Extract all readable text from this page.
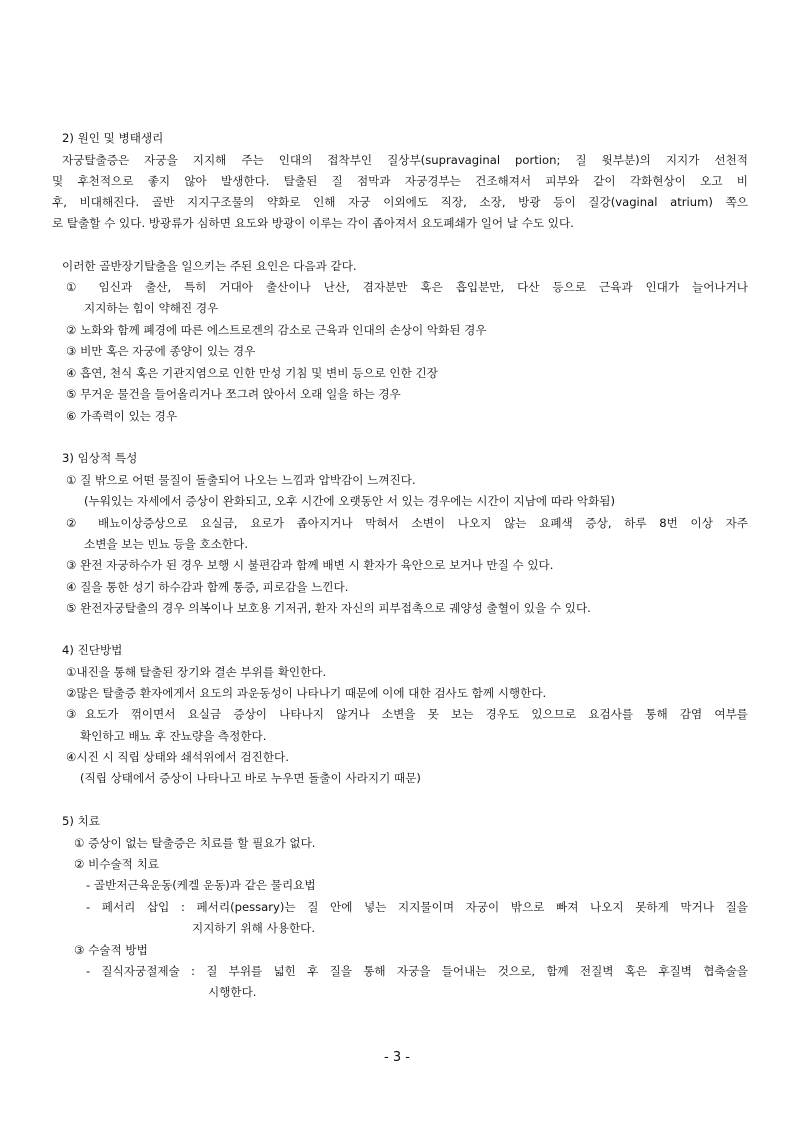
2) 원인 및 병태생리
자궁탈출증은 자궁을 지지해 주는 인대의 접착부인 질상부(supravaginal portion; 질 윗부분)의 지지가 선천적
및 후천적으로 좋지 않아 발생한다. 탈출된 질 점막과 자궁경부는 건조해져서 피부와 같이 각화현상이 오고 비
후, 비대해진다. 골반 지지구조물의 약화로 인해 자궁 이외에도 직장, 소장, 방광 등이 질강(vaginal atrium) 쪽으
로 탈출할 수 있다. 방광류가 심하면 요도와 방광이 이루는 각이 좁아져서 요도폐쇄가 일어 날 수도 있다.
이러한 골반장기탈출을 일으키는 주된 요인은 다음과 같다.
① 임신과 출산, 특히 거대아 출산이나 난산, 겸자분만 혹은 흡입분만, 다산 등으로 근육과 인대가 늘어나거나
지지하는 힘이 약해진 경우
② 노화와 함께 폐경에 따른 에스트로겐의 감소로 근육과 인대의 손상이 악화된 경우
③ 비만 혹은 자궁에 종양이 있는 경우
④ 흡연, 천식 혹은 기관지염으로 인한 만성 기침 및 변비 등으로 인한 긴장
⑤ 무거운 물건을 들어올리거나 쪼그려 앉아서 오래 일을 하는 경우
⑥ 가족력이 있는 경우
3) 임상적 특성
① 질 밖으로 어떤 물질이 돌출되어 나오는 느낌과 압박감이 느껴진다.
(누워있는 자세에서 증상이 완화되고, 오후 시간에 오랫동안 서 있는 경우에는 시간이 지남에 따라 악화됨)
② 배뇨이상증상으로 요실금, 요로가 좁아지거나 막혀서 소변이 나오지 않는 요폐색 증상, 하루 8번 이상 자주
소변을 보는 빈뇨 등을 호소한다.
③ 완전 자궁하수가 된 경우 보행 시 불편감과 함께 배변 시 환자가 육안으로 보거나 만질 수 있다.
④ 질을 통한 성기 하수감과 함께 통증, 피로감을 느낀다.
⑤ 완전자궁탈출의 경우 의복이나 보호용 기저귀, 환자 자신의 피부접촉으로 궤양성 출혈이 있을 수 있다.
4) 진단방법
①내진을 통해 탈출된 장기와 결손 부위를 확인한다.
②많은 탈출증 환자에게서 요도의 과운동성이 나타나기 때문에 이에 대한 검사도 함께 시행한다.
③요도가 꺾이면서 요실금 증상이 나타나지 않거나 소변을 못 보는 경우도 있으므로 요검사를 통해 감염 여부를
확인하고 배뇨 후 잔뇨량을 측정한다.
④시진 시 직립 상태와 쇄석위에서 검진한다.
(직립 상태에서 증상이 나타나고 바로 누우면 돌출이 사라지기 때문)
5) 치료
① 증상이 없는 탈출증은 치료를 할 필요가 없다.
② 비수술적 치료
- 골반저근육운동(케겔 운동)과 같은 물리요법
- 페서리 삽입 : 페서리(pessary)는 질 안에 넣는 지지물이며 자궁이 밖으로 빠져 나오지 못하게 막거나 질을
지지하기 위해 사용한다.
③ 수술적 방법
- 질식자궁절제술 : 질 부위를 넓힌 후 질을 통해 자궁을 들어내는 것으로, 함께 전질벽 혹은 후질벽 협축술을
시행한다.
- 3 -
